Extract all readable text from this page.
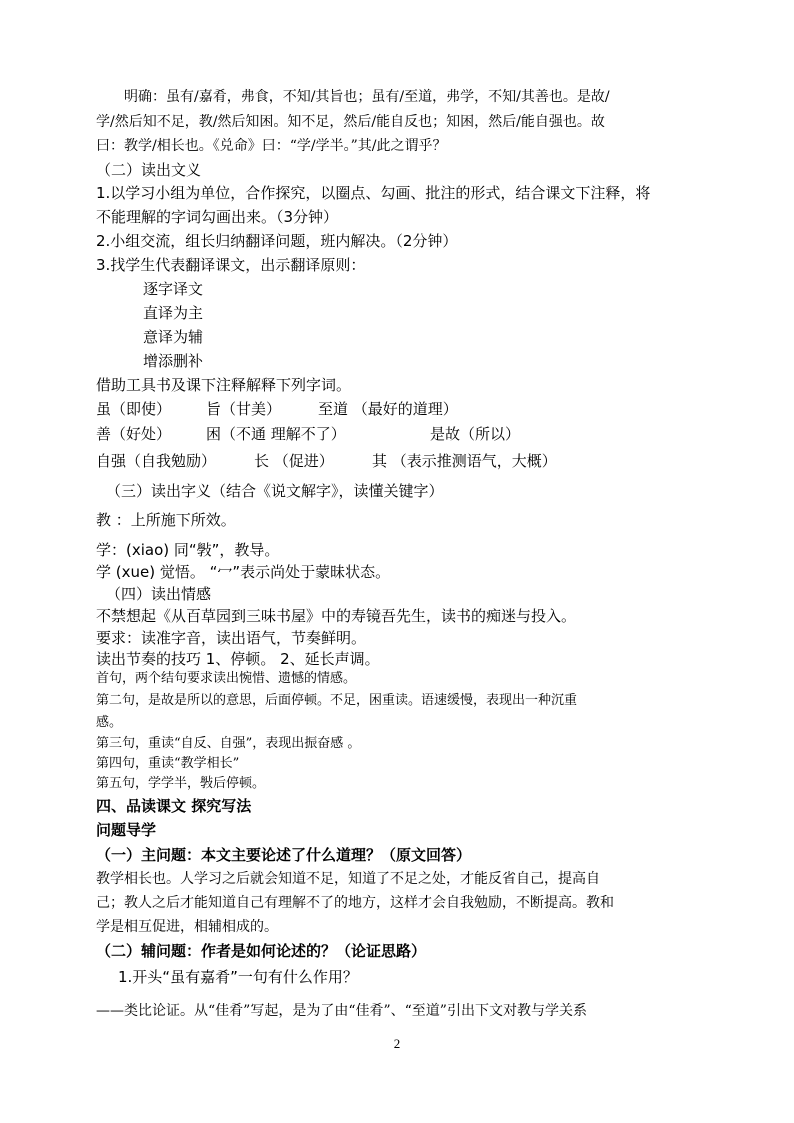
明确：虽有/嘉肴，弗食，不知/其旨也；虽有/至道，弗学，不知/其善也。是故/
学/然后知不足，教/然后知困。知不足，然后/能自反也；知困，然后/能自强也。故
曰：教学/相长也。《兑命》曰：“学/学半。”其/此之谓乎？
（二）读出文义
1.以学习小组为单位，合作探究，以圈点、勾画、批注的形式，结合课文下注释，将
不能理解的字词勾画出来。（3分钟）
2.小组交流，组长归纳翻译问题，班内解决。（2分钟）
3.找学生代表翻译课文，出示翻译原则：
逐字译文
直译为主
意译为辅
增添删补
借助工具书及课下注释解释下列字词。
虽（即使） 旨（甘美） 至道 （最好的道理）
善（好处） 困（不通 理解不了）	是故（所以）
自强（自我勉励）	长 （促进）	其 （表示推测语气，大概）
（三）读出字义（结合《说文解字》，读懂关键字）
教 ：上所施下所效。
学：(xiao) 同“斅”，教导。
学 (xue) 觉悟。 “冖”表示尚处于蒙昧状态。
（四）读出情感
不禁想起《从百草园到三味书屋》中的寿镜吾先生，读书的痴迷与投入。
要求：读准字音，读出语气，节奏鲜明。
读出节奏的技巧 1、停顿。 2、延长声调。
首句，两个结句要求读出惋惜、遗憾的情感。
第二句，是故是所以的意思，后面停顿。不足，困重读。语速缓慢，表现出一种沉重
感。
第三句，重读“自反、自强”，表现出振奋感 。
第四句，重读“教学相长”
第五句，学学半，斅后停顿。
四、品读课文 探究写法
问题导学
（一）主问题：本文主要论述了什么道理？（原文回答）
教学相长也。人学习之后就会知道不足，知道了不足之处，才能反省自己，提高自
己；教人之后才能知道自己有理解不了的地方，这样才会自我勉励，不断提高。教和
学是相互促进，相辅相成的。
（二）辅问题：作者是如何论述的？（论证思路）
1.开头“虽有嘉肴”一句有什么作用？
——类比论证。从“佳肴”写起，是为了由“佳肴”、“至道”引出下文对教与学关系
2
